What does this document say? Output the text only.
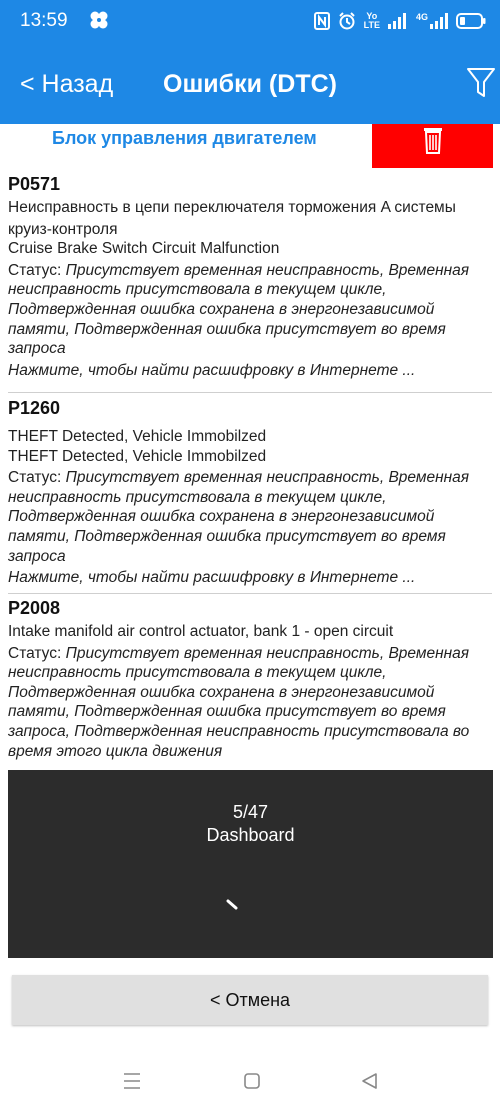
13:59	Yo
LTE
4G
< Назад	Ошибки (DTC)
Блок управления двигателем
P0571
Неисправность в цепи переключателя торможения A системы
круиз-контроля
Cruise Brake Switch Circuit Malfunction
Статус: Присутствует временная неисправность, Временная
неисправность присутствовала в текущем цикле,
Подтвержденная ошибка сохранена в энергонезависимой
памяти, Подтвержденная ошибка присутствует во время
запроса
Нажмите, чтобы найти расшифровку в Интернете ...
P1260
THEFT Detected, Vehicle Immobilzed
THEFT Detected, Vehicle Immobilzed
Статус: Присутствует временная неисправность, Временная
неисправность присутствовала в текущем цикле,
Подтвержденная ошибка сохранена в энергонезависимой
памяти, Подтвержденная ошибка присутствует во время
запроса
Нажмите, чтобы найти расшифровку в Интернете ...
P2008
Intake manifold air control actuator, bank 1 - open circuit
Статус: Присутствует временная неисправность, Временная
неисправность присутствовала в текущем цикле,
Подтвержденная ошибка сохранена в энергонезависимой
памяти, Подтвержденная ошибка присутствует во время
запроса, Подтвержденная неисправность присутствовала во
время этого цикла движения
5/47
Dashboard
< Отмена
